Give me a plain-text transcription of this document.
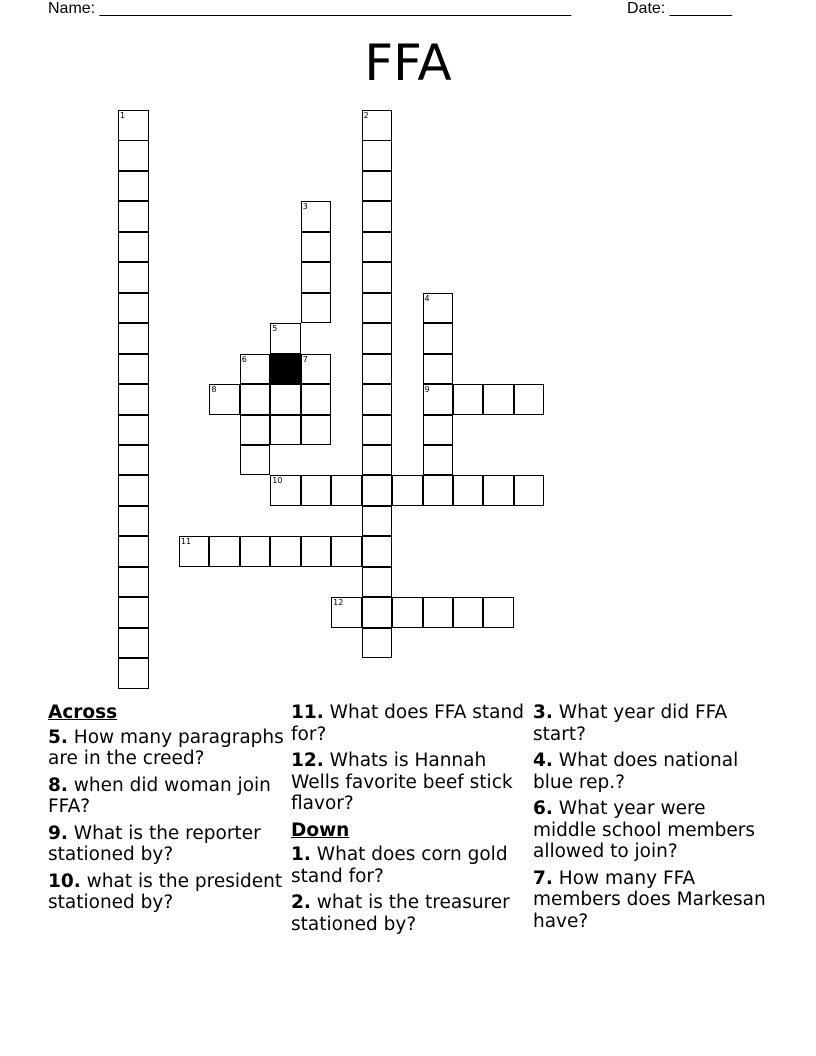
Name: _____________________________________________________	Date: _______
FFA
1	2
3
4
5
6	7
8	9
10
11
12
Across
5. How many paragraphs are in the creed?
8. when did woman join FFA?
9. What is the reporter stationed by?
10. what is the president stationed by?
11. What does FFA stand for?
12. Whats is Hannah Wells favorite beef stick flavor?
Down
1. What does corn gold stand for?
2. what is the treasurer stationed by?
3. What year did FFA start?
4. What does national blue rep.?
6. What year were middle school members allowed to join?
7. How many FFA members does Markesan have?
